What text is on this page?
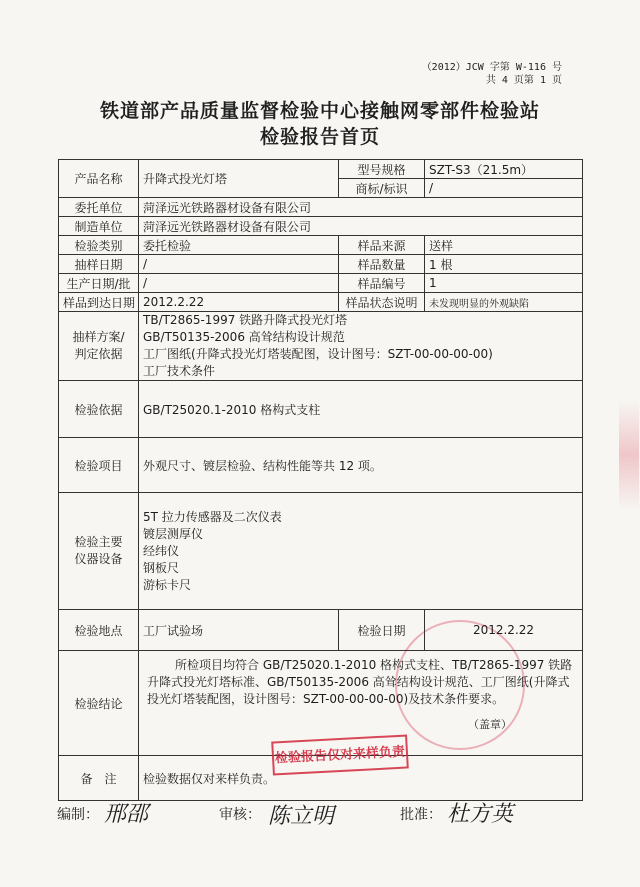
（2012）JCW 字第 W-116 号
共 4 页第 1 页
铁道部产品质量监督检验中心接触网零部件检验站
检验报告首页
产品名称	升降式投光灯塔	型号规格	SZT-S3（21.5m）
		商标/标识	/
委托单位	菏泽远光铁路器材设备有限公司		
制造单位	菏泽远光铁路器材设备有限公司		
检验类别	委托检验	样品来源	送样
抽样日期	/	样品数量	1 根
生产日期/批	/	样品编号	1
样品到达日期	2012.2.22	样品状态说明	未发现明显的外观缺陷

抽样方案/
判定依据	TB/T2865-1997 铁路升降式投光灯塔
GB/T50135-2006 高耸结构设计规范
工厂图纸(升降式投光灯塔装配图，设计图号：SZT-00-00-00-00)
工厂技术条件		

检验依据	GB/T25020.1-2010 格构式支柱		
检验项目	外观尺寸、镀层检验、结构性能等共 12 项。		

检验主要
仪器设备	5T 拉力传感器及二次仪表
镀层测厚仪
经纬仪
钢板尺
游标卡尺		

检验地点	工厂试验场	检验日期	2012.2.22
检验结论	所检项目均符合 GB/T25020.1-2010 格构式支柱、TB/T2865-1997 铁路升降式投光灯塔标准、GB/T50135-2006 高耸结构设计规范、工厂图纸(升降式投光灯塔装配图，设计图号：SZT-00-00-00-00)及技术条件要求。
（盖章）		

备　注	检验数据仅对来样负责。		
检验报告仅对来样负责
编制： 邢邵	审核： 陈立明	批准： 杜方英
